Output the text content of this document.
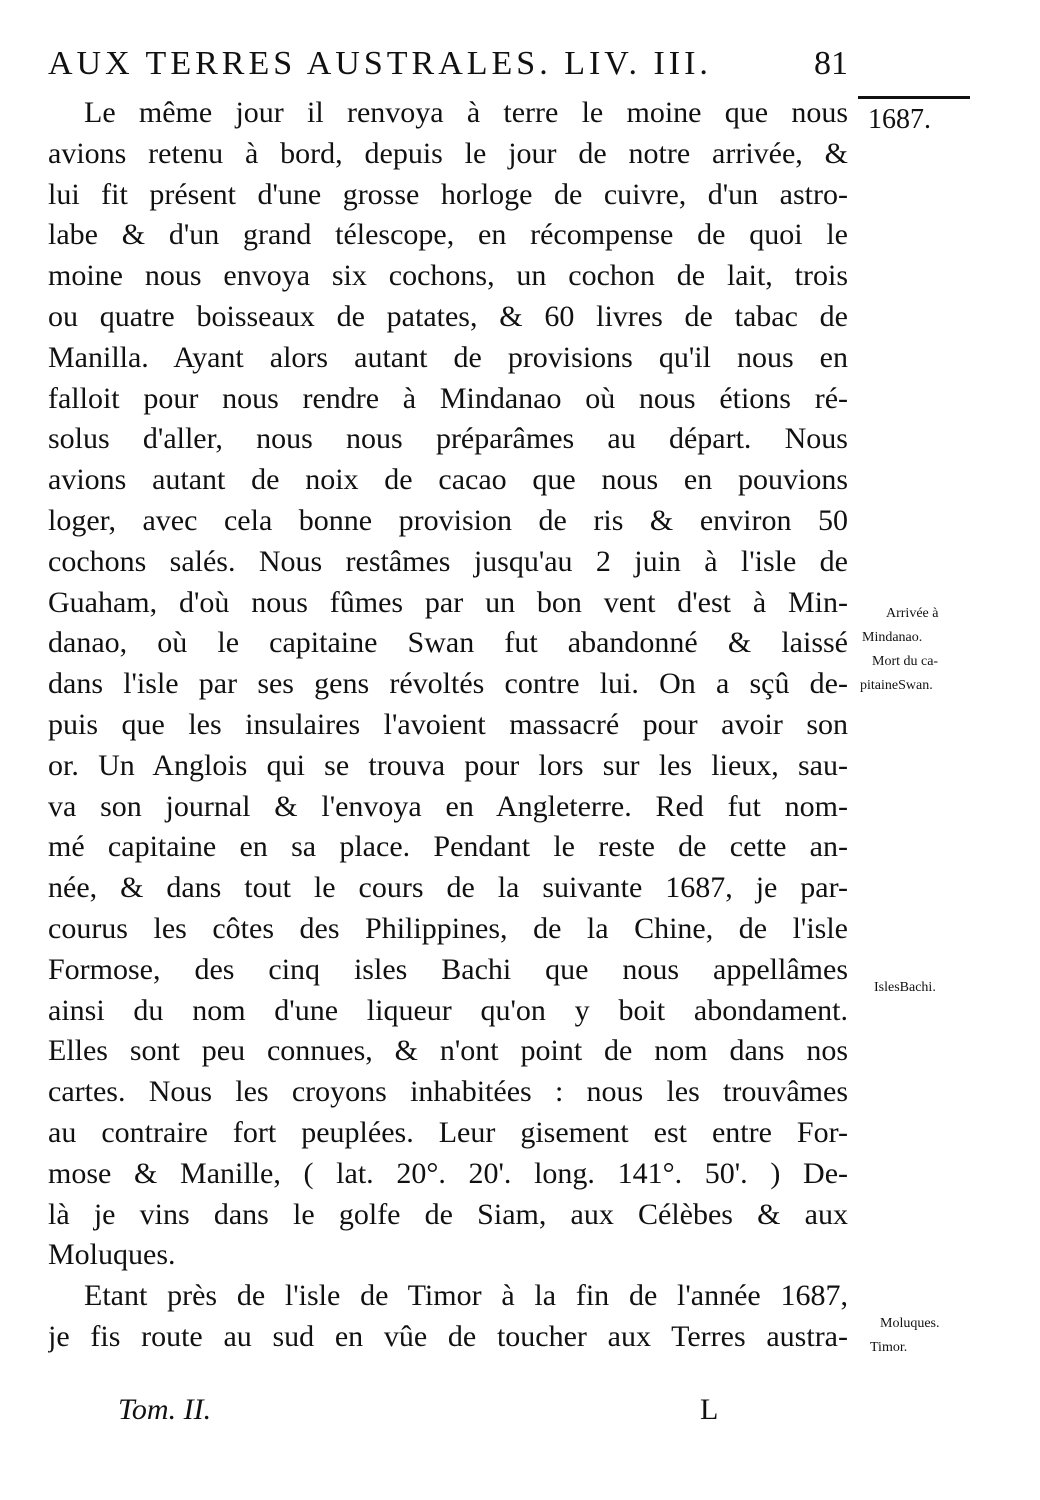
AUX TERRES AUSTRALES. LIV. III.	81
1687.
Le même jour il renvoya à terre le moine que nous
avions retenu à bord, depuis le jour de notre arrivée, &
lui fit présent d'une grosse horloge de cuivre, d'un astro-
labe & d'un grand télescope, en récompense de quoi le
moine nous envoya six cochons, un cochon de lait, trois
ou quatre boisseaux de patates, & 60 livres de tabac de
Manilla. Ayant alors autant de provisions qu'il nous en
falloit pour nous rendre à Mindanao où nous étions ré-
solus d'aller, nous nous préparâmes au départ. Nous
avions autant de noix de cacao que nous en pouvions
loger, avec cela bonne provision de ris & environ 50
cochons salés. Nous restâmes jusqu'au 2 juin à l'isle de
Guaham, d'où nous fûmes par un bon vent d'est à Min-
danao, où le capitaine Swan fut abandonné & laissé
dans l'isle par ses gens révoltés contre lui. On a sçû de-
puis que les insulaires l'avoient massacré pour avoir son
or. Un Anglois qui se trouva pour lors sur les lieux, sau-
va son journal & l'envoya en Angleterre. Red fut nom-
mé capitaine en sa place. Pendant le reste de cette an-
née, & dans tout le cours de la suivante 1687, je par-
courus les côtes des Philippines, de la Chine, de l'isle
Formose, des cinq isles Bachi que nous appellâmes
ainsi du nom d'une liqueur qu'on y boit abondament.
Elles sont peu connues, & n'ont point de nom dans nos
cartes. Nous les croyons inhabitées : nous les trouvâmes
au contraire fort peuplées. Leur gisement est entre For-
mose & Manille, ( lat. 20°. 20'. long. 141°. 50'. ) De-
là je vins dans le golfe de Siam, aux Célèbes & aux
Moluques.
Etant près de l'isle de Timor à la fin de l'année 1687,
je fis route au sud en vûe de toucher aux Terres austra-
Arrivée à
Mindanao.
Mort du ca-
pitaineSwan.
IslesBachi.
Moluques.
Timor.
Tom. II.	L
